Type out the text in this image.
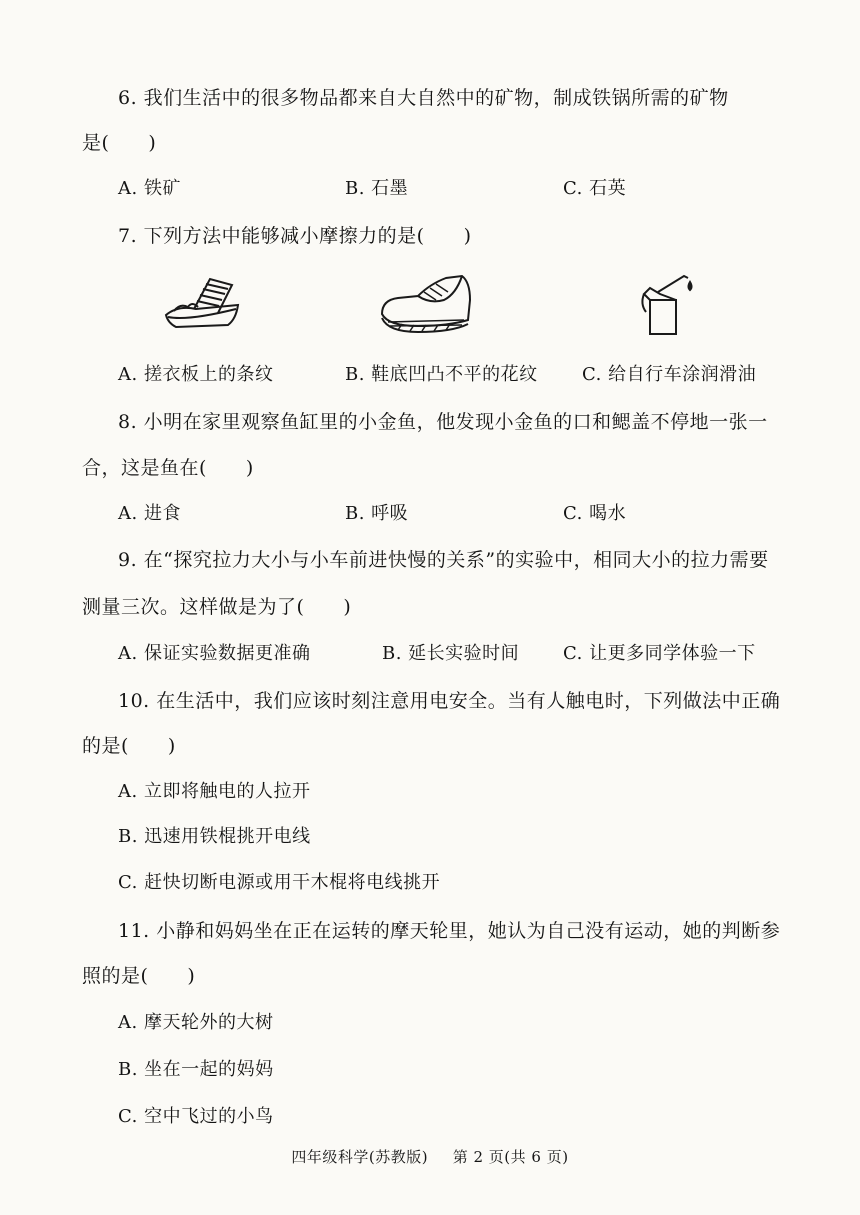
6. 我们生活中的很多物品都来自大自然中的矿物，制成铁锅所需的矿物
是(　　)
A. 铁矿	B. 石墨	C. 石英
7. 下列方法中能够减小摩擦力的是(　　)
A. 搓衣板上的条纹	B. 鞋底凹凸不平的花纹 C. 给自行车涂润滑油
8. 小明在家里观察鱼缸里的小金鱼，他发现小金鱼的口和鳃盖不停地一张一
合，这是鱼在(　　)
A. 进食	B. 呼吸	C. 喝水
9. 在“探究拉力大小与小车前进快慢的关系”的实验中，相同大小的拉力需要
测量三次。这样做是为了(　　)
A. 保证实验数据更准确	B. 延长实验时间 C. 让更多同学体验一下
10. 在生活中，我们应该时刻注意用电安全。当有人触电时，下列做法中正确
的是(　　)
A. 立即将触电的人拉开
B. 迅速用铁棍挑开电线
C. 赶快切断电源或用干木棍将电线挑开
11. 小静和妈妈坐在正在运转的摩天轮里，她认为自己没有运动，她的判断参
照的是(　　)
A. 摩天轮外的大树
B. 坐在一起的妈妈
C. 空中飞过的小鸟
四年级科学(苏教版) 第 2 页(共 6 页)
